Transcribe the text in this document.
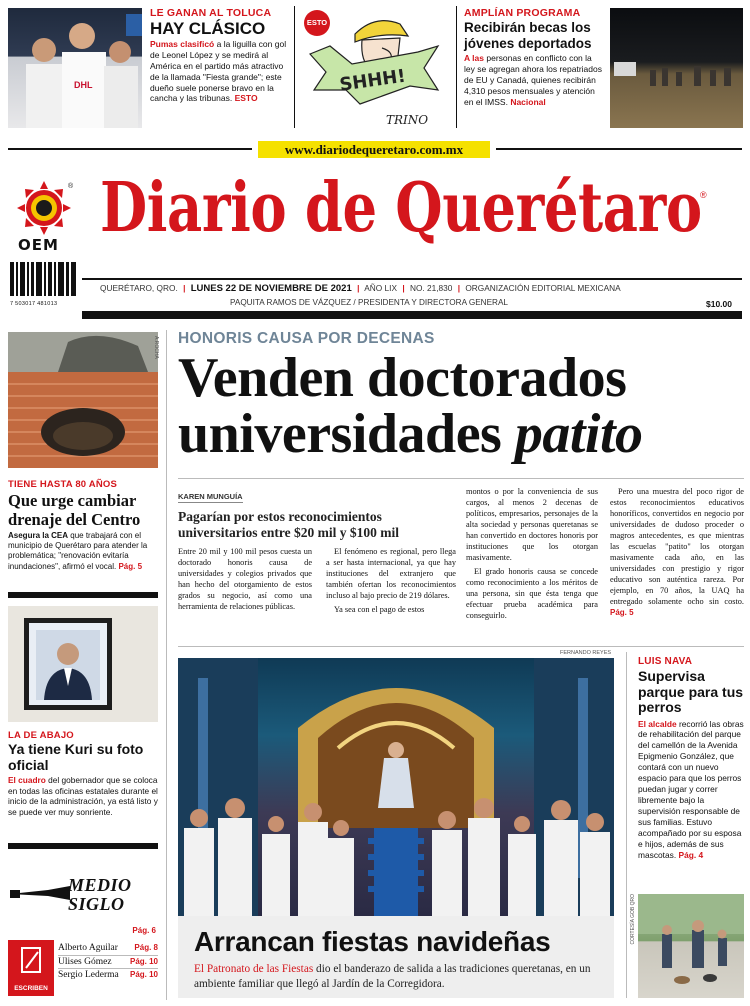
DHL
LE GANAN AL TOLUCA
HAY CLÁSICO
Pumas clasificó a la liguilla con gol de Leonel López y se medirá al América en el partido más atractivo de la llamada "Fiesta grande"; este dueño suele ponerse bravo en la cancha y las tribunas. ESTO
ESTO
SHHH!
TRINO
AMPLÍAN PROGRAMA
Recibirán becas los jóvenes deportados
A las personas en conflicto con la ley se agregan ahora los repatriados de EU y Canadá, quienes recibirán 4,310 pesos mensuales y atención en el IMSS. Nacional
www.diariodequeretaro.com.mx
®
OEM Diario de Querétaro
®
7 503017 481013
QUERÉTARO, QRO. | LUNES 22 DE NOVIEMBRE DE 2021 | AÑO LIX | NO. 21,830 | ORGANIZACIÓN EDITORIAL MEXICANA
PAQUITA RAMOS DE VÁZQUEZ / PRESIDENTA Y DIRECTORA GENERAL	$10.00
A.ROCHA
TIENE HASTA 80 AÑOS
Que urge cambiar drenaje del Centro
Asegura la CEA que trabajará con el municipio de Querétaro para atender la problemática; "renovación evitaría inundaciones", afirmó el vocal. Pág. 5
LA DE ABAJO
Ya tiene Kuri su foto oficial
El cuadro del gobernador que se coloca en todas las oficinas estatales durante el inicio de la administración, ya está listo y se puede ver muy sonriente.
MEDIO SIGLO
Pág. 6
ESCRIBEN
Alberto Aguilar Pág. 8
Ulises Gómez Pág. 10
Sergio Lederma Pág. 10
HONORIS CAUSA POR DECENAS
Venden doctorados
universidades patito
KAREN MUNGUÍA
Pagarían por estos reconocimientos universitarios entre $20 mil y $100 mil

Entre 20 mil y 100 mil pesos cuesta un doctorado honoris causa de universidades y colegios privados que han hecho del otorgamiento de estos grados su negocio, así como una herramienta de relaciones públicas.

El fenómeno es regional, pero llega a ser hasta internacional, ya que hay instituciones del extranjero que también ofertan los reconocimientos incluso al bajo precio de 219 dólares.

Ya sea con el pago de estos

montos o por la conveniencia de sus cargos, al menos 2 decenas de políticos, empresarios, personajes de la alta sociedad y personas queretanas se han convertido en doctores honoris por instituciones que los otorgan masivamente.

El grado honoris causa se concede como reconocimiento a los méritos de una persona, sin que ésta tenga que efectuar prueba académica para conseguirlo.

Pero una muestra del poco rigor de estos reconocimientos educativos honoríficos, convertidos en negocio por universidades de dudoso proceder o magros antecedentes, es que mientras las escuelas "patito" los otorgan masivamente cada año, en las universidades con prestigio y rigor educativo son auténtica rareza. Por ejemplo, en 70 años, la UAQ ha entregado solamente ocho sin costo. Pág. 5

FERNANDO REYES
Arrancan fiestas navideñas
El Patronato de las Fiestas dio el banderazo de salida a las tradiciones queretanas, en un ambiente familiar que llegó al Jardín de la Corregidora.
LUIS NAVA
Supervisa parque para tus perros
El alcalde recorrió las obras de rehabilitación del parque del camellón de la Avenida Epigmenio González, que contará con un nuevo espacio para que los perros puedan jugar y correr libremente bajo la supervisión responsable de sus familias. Estuvo acompañado por su esposa e hijos, además de sus mascotas. Pág. 4
CORTESÍA GOB QRO
